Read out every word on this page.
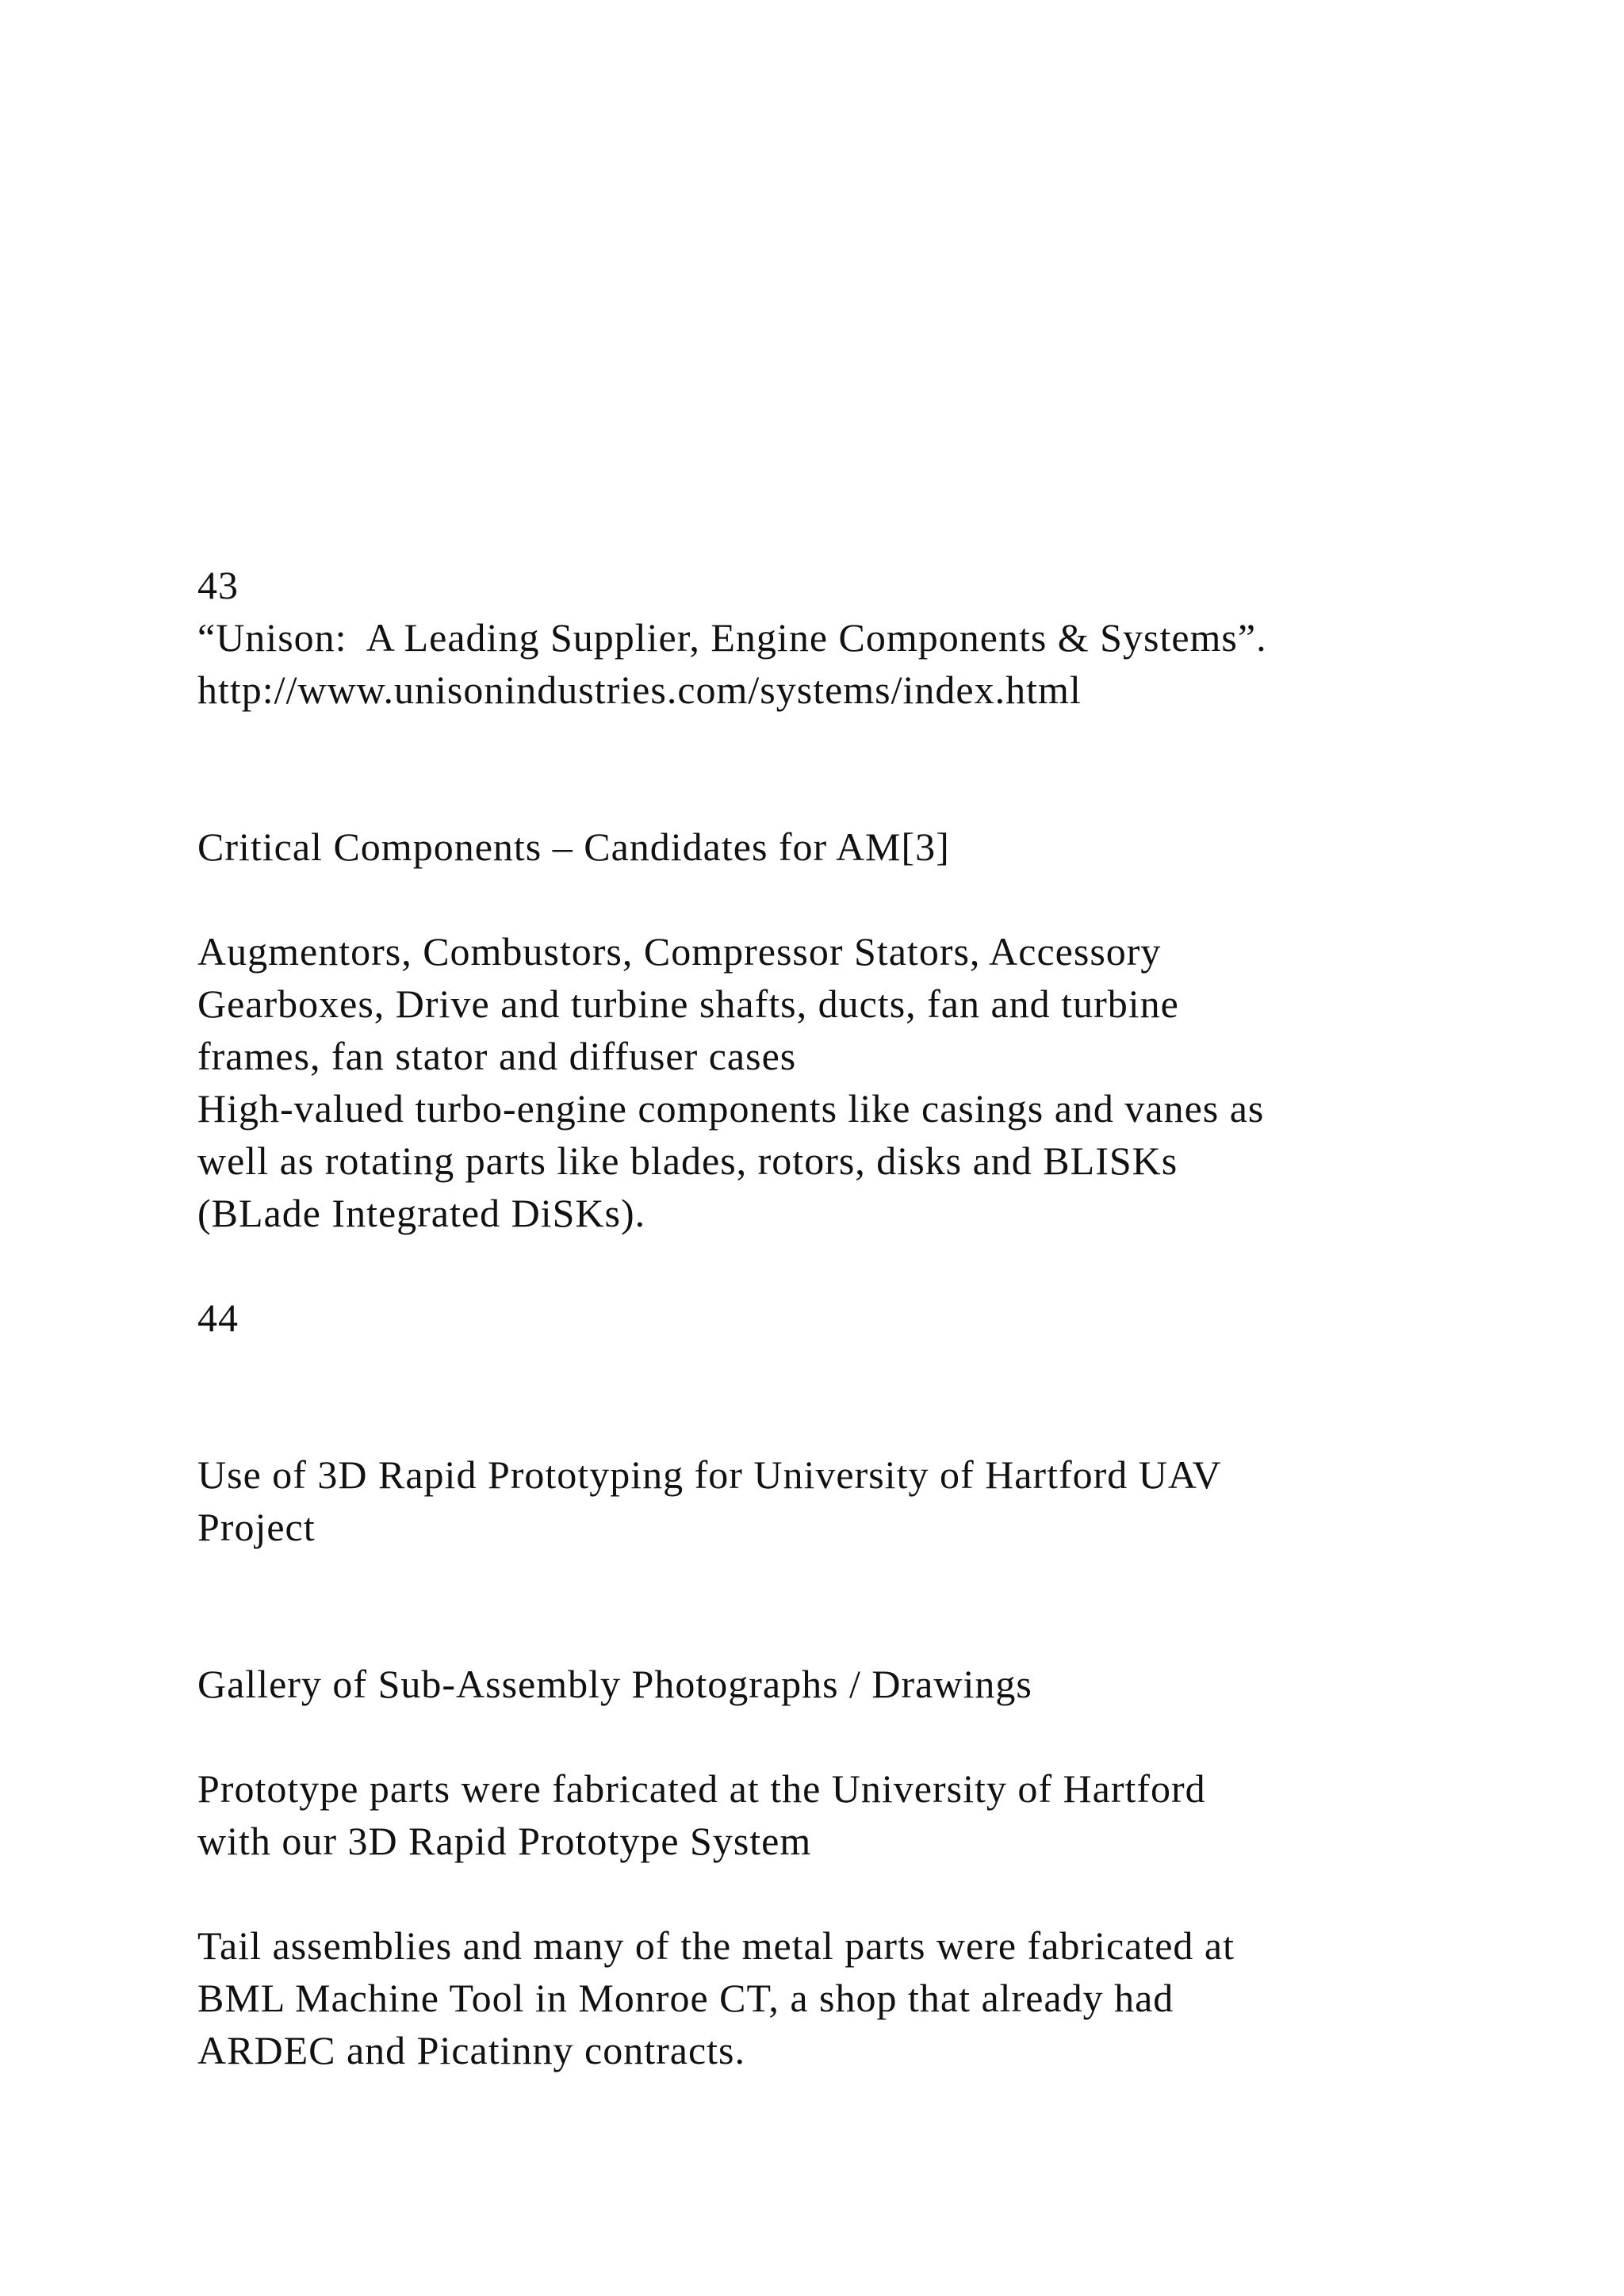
43

“Unison:  A Leading Supplier, Engine Components & Systems”.

http://www.unisonindustries.com/systems/index.html

Critical Components – Candidates for AM[3]

Augmentors, Combustors, Compressor Stators, Accessory

Gearboxes, Drive and turbine shafts, ducts, fan and turbine

frames, fan stator and diffuser cases

High-valued turbo-engine components like casings and vanes as

well as rotating parts like blades, rotors, disks and BLISKs

(BLade Integrated DiSKs).

44

Use of 3D Rapid Prototyping for University of Hartford UAV

Project

Gallery of Sub-Assembly Photographs / Drawings

Prototype parts were fabricated at the University of Hartford

with our 3D Rapid Prototype System

Tail assemblies and many of the metal parts were fabricated at

BML Machine Tool in Monroe CT, a shop that already had

ARDEC and Picatinny contracts.
